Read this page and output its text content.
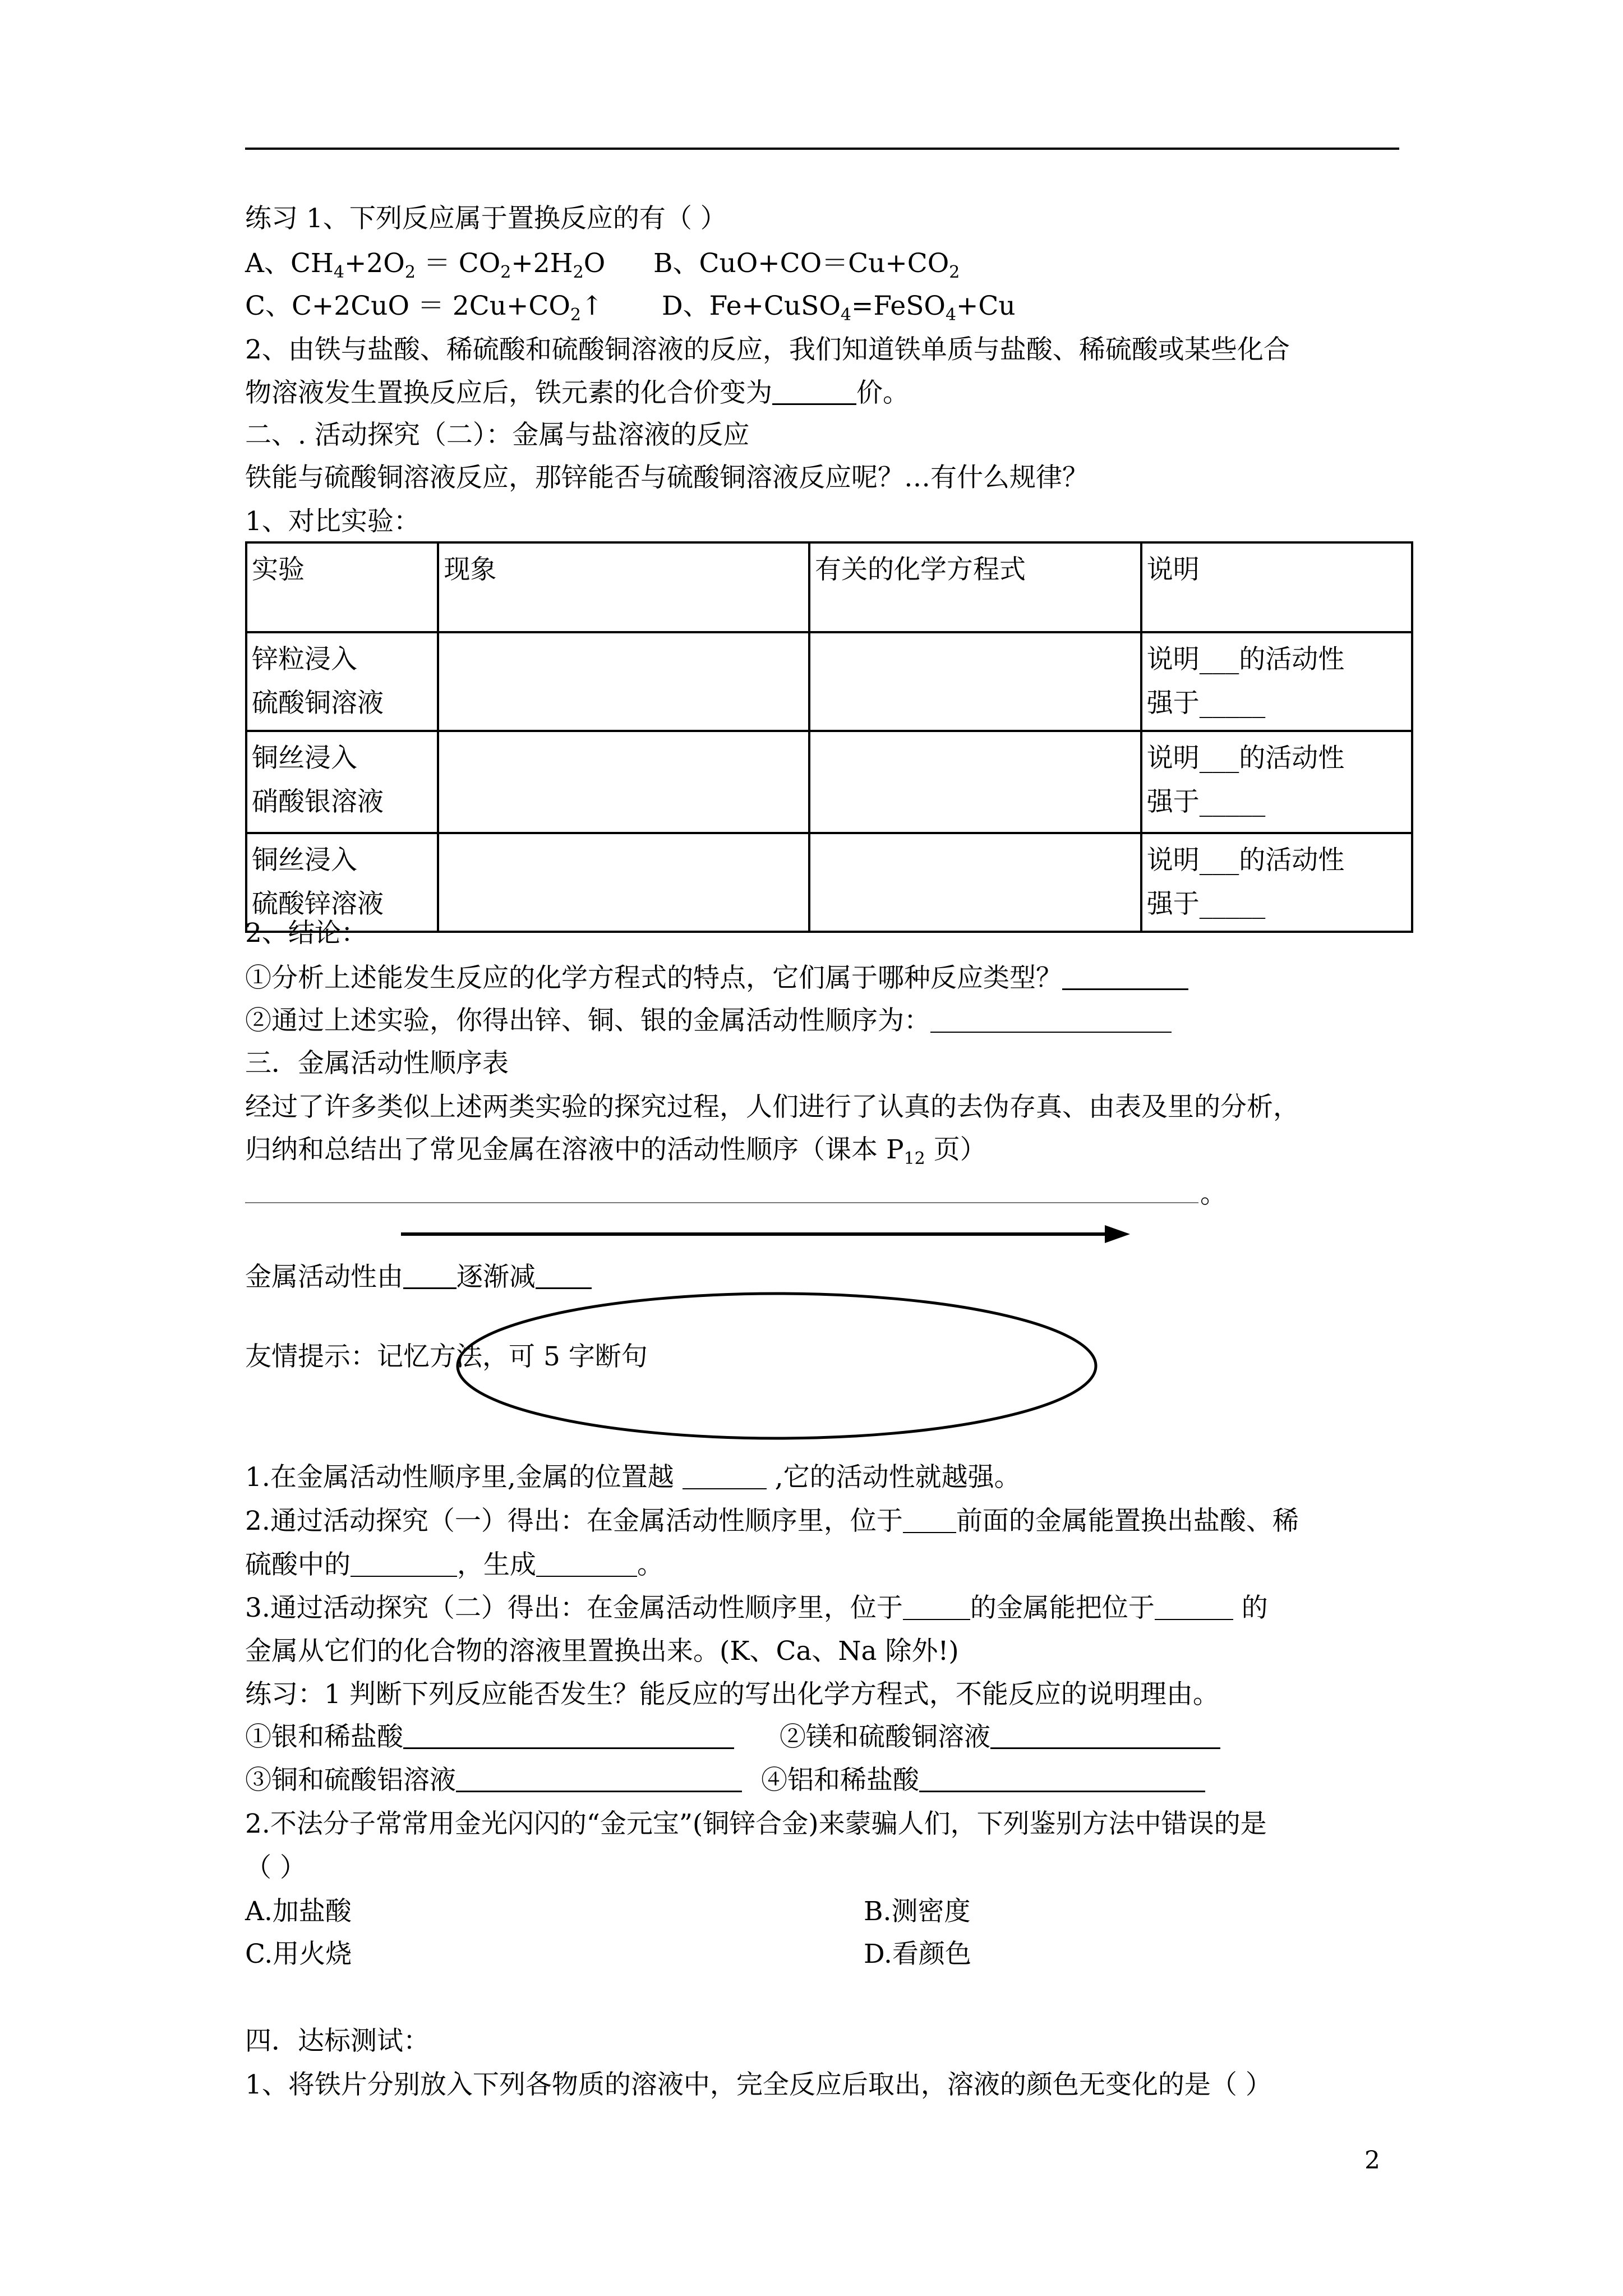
练习 1、下列反应属于置换反应的有（ ）
A、$CH_4+2O_2 = CO_2+2H_2O$ B、$CuO+CO=Cu+CO_2$
C、$C+2CuO = 2Cu+CO_2↑$ D、Fe+CuSO$_4$=FeSO$_4$+Cu
2、由铁与盐酸、稀硫酸和硫酸铜溶液的反应，我们知道铁单质与盐酸、稀硫酸或某些化合
物溶液发生置换反应后，铁元素的化合价变为	价。
二、. 活动探究（二）：金属与盐溶液的反应
铁能与硫酸铜溶液反应，那锌能否与硫酸铜溶液反应呢？…有什么规律？
1、对比实验：
实验	现象	有关的化学方程式	说明
锌粒浸入
硫酸铜溶液			说明___的活动性
强于_____
铜丝浸入
硝酸银溶液			说明___的活动性
强于_____
铜丝浸入
硫酸锌溶液			说明___的活动性
强于_____
2、结论：
①分析上述能发生反应的化学方程式的特点，它们属于哪种反应类型？
②通过上述实验，你得出锌、铜、银的金属活动性顺序为：
三．金属活动性顺序表
经过了许多类似上述两类实验的探究过程，人们进行了认真的去伪存真、由表及里的分析，
归纳和总结出了常见金属在溶液中的活动性顺序（课本 $P_{12}$ 页）
。
金属活动性由 逐渐减
友情提示：记忆方法，可 5 字断句
1.在金属活动性顺序里,金属的位置越	,它的活动性就越强。
2.通过活动探究（一）得出：在金属活动性顺序里，位于 前面的金属能置换出盐酸、稀
硫酸中的	，生成	。
3.通过活动探究（二）得出：在金属活动性顺序里，位于	的金属能把位于	的
金属从它们的化合物的溶液里置换出来。(K、Ca、Na 除外!)
练习：1 判断下列反应能否发生？能反应的写出化学方程式，不能反应的说明理由。
①银和稀盐酸	②镁和硫酸铜溶液
③铜和硫酸铝溶液	④铝和稀盐酸
2.不法分子常常用金光闪闪的“金元宝”(铜锌合金)来蒙骗人们，下列鉴别方法中错误的是
（ ）
A.加盐酸	B.测密度
C.用火烧	D.看颜色
四．达标测试：
1、将铁片分别放入下列各物质的溶液中，完全反应后取出，溶液的颜色无变化的是（ ）
2
